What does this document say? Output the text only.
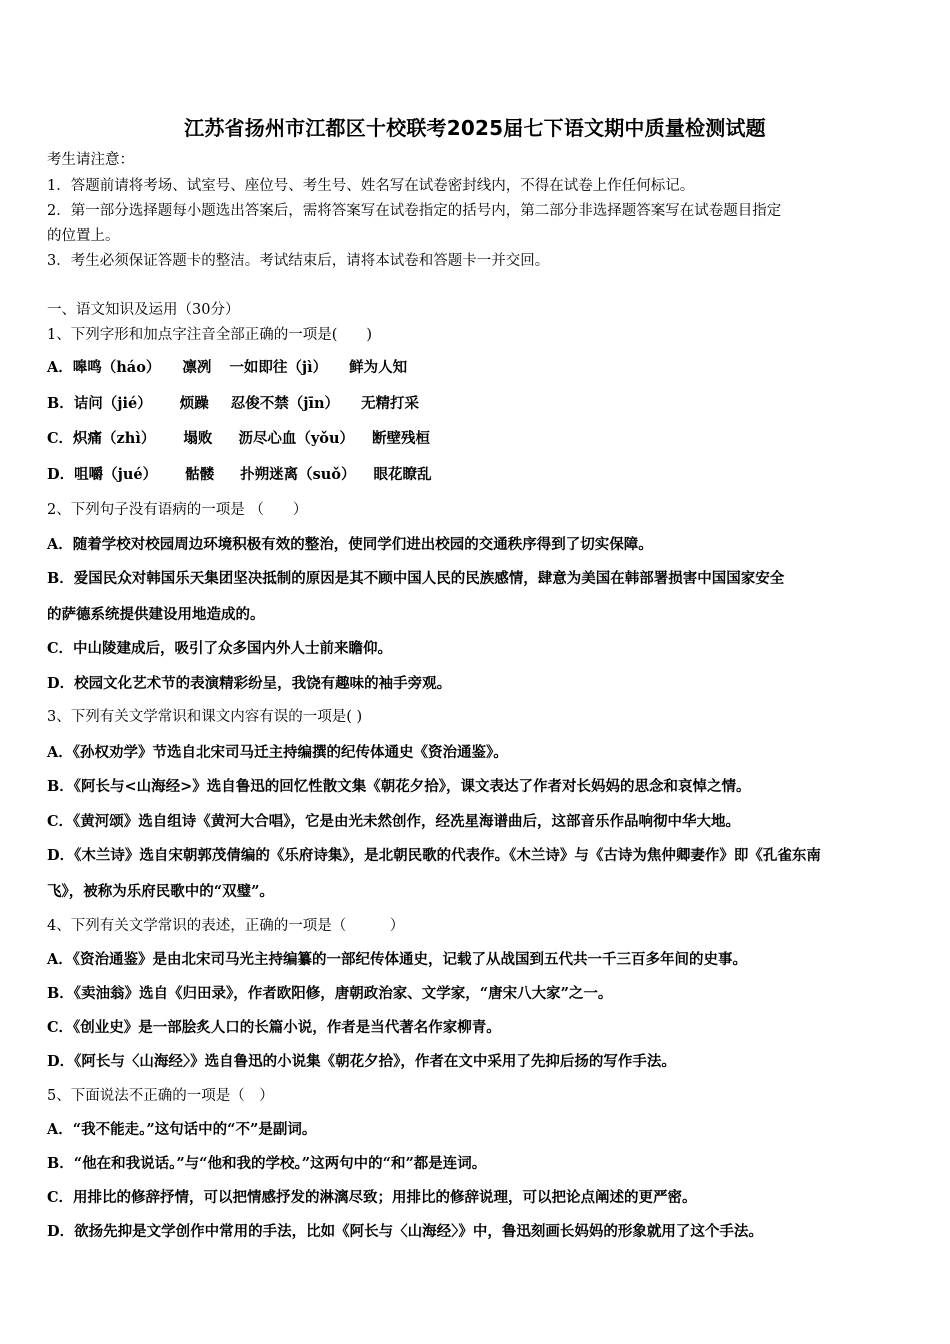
江苏省扬州市江都区十校联考2025届七下语文期中质量检测试题
考生请注意：
1．答题前请将考场、试室号、座位号、考生号、姓名写在试卷密封线内，不得在试卷上作任何标记。
2．第一部分选择题每小题选出答案后，需将答案写在试卷指定的括号内，第二部分非选择题答案写在试卷题目指定
的位置上。
3．考生必须保证答题卡的整洁。考试结束后，请将本试卷和答题卡一并交回。
一、语文知识及运用（30分）
1、下列字形和加点字注音全部正确的一项是(　　)
A．嗥鸣（háo） 凛冽 一如即往（jì） 鲜为人知
B．诘问（jié） 烦躁 忍俊不禁（jīn） 无精打采
C．炽痛（zhì） 塌败 沥尽心血（yǒu） 断壁残桓
D．咀嚼（jué） 骷髅 扑朔迷离（suǒ） 眼花瞭乱
2、下列句子没有语病的一项是 （　　）
A．随着学校对校园周边环境积极有效的整治，使同学们进出校园的交通秩序得到了切实保障。
B．爱国民众对韩国乐天集团坚决抵制的原因是其不顾中国人民的民族感情，肆意为美国在韩部署损害中国国家安全
的萨德系统提供建设用地造成的。
C．中山陵建成后，吸引了众多国内外人士前来瞻仰。
D．校园文化艺术节的表演精彩纷呈，我饶有趣味的袖手旁观。
3、下列有关文学常识和课文内容有误的一项是( )
A．《孙权劝学》节选自北宋司马迁主持编撰的纪传体通史《资治通鉴》。
B．《阿长与<山海经>》选自鲁迅的回忆性散文集《朝花夕拾》，课文表达了作者对长妈妈的思念和哀悼之情。
C．《黄河颂》选自组诗《黄河大合唱》，它是由光未然创作，经冼星海谱曲后，这部音乐作品响彻中华大地。
D．《木兰诗》选自宋朝郭茂倩编的《乐府诗集》，是北朝民歌的代表作。《木兰诗》与《古诗为焦仲卿妻作》即《孔雀东南
飞》，被称为乐府民歌中的“双璧”。
4、下列有关文学常识的表述，正确的一项是（　　　）
A．《资治通鉴》是由北宋司马光主持编纂的一部纪传体通史，记载了从战国到五代共一千三百多年间的史事。
B．《卖油翁》选自《归田录》，作者欧阳修，唐朝政治家、文学家，“唐宋八大家”之一。
C．《创业史》是一部脍炙人口的长篇小说，作者是当代著名作家柳青。
D．《阿长与〈山海经〉》选自鲁迅的小说集《朝花夕拾》，作者在文中采用了先抑后扬的写作手法。
5、下面说法不正确的一项是（　）
A．“我不能走。”这句话中的“不”是副词。
B．“他在和我说话。”与“他和我的学校。”这两句中的“和”都是连词。
C．用排比的修辞抒情，可以把情感抒发的淋漓尽致；用排比的修辞说理，可以把论点阐述的更严密。
D．欲扬先抑是文学创作中常用的手法，比如《阿长与〈山海经〉》中，鲁迅刻画长妈妈的形象就用了这个手法。
